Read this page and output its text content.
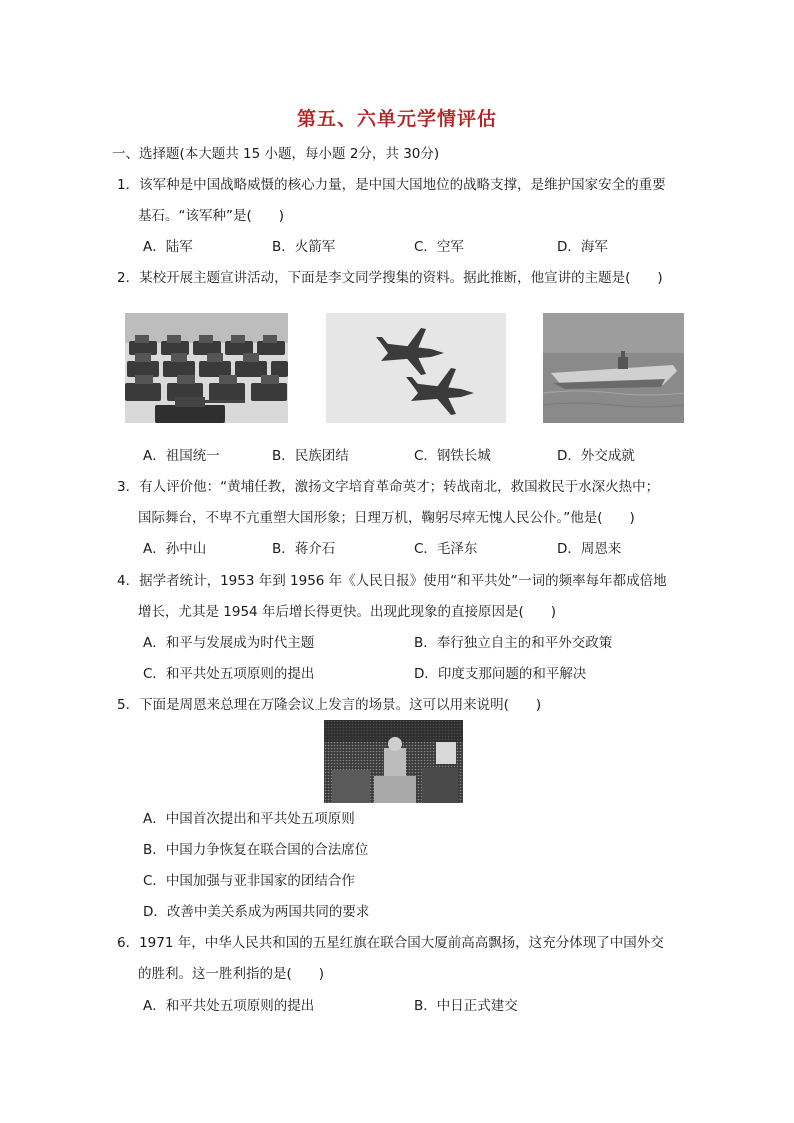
第五、六单元学情评估
一、选择题(本大题共 15 小题，每小题 2分，共 30分)
1．该军种是中国战略威慑的核心力量，是中国大国地位的战略支撑，是维护国家安全的重要
基石。“该军种”是(　　)
A．陆军	B．火箭军	C．空军	D．海军
2．某校开展主题宣讲活动，下面是李文同学搜集的资料。据此推断，他宣讲的主题是(　　)
A．祖国统一	B．民族团结	C．钢铁长城	D．外交成就
3．有人评价他：“黄埔任教，激扬文字培育革命英才；转战南北，救国救民于水深火热中；
国际舞台，不卑不亢重塑大国形象；日理万机，鞠躬尽瘁无愧人民公仆。”他是(　　)
A．孙中山	B．蒋介石	C．毛泽东	D．周恩来
4．据学者统计，1953 年到 1956 年《人民日报》使用“和平共处”一词的频率每年都成倍地
增长，尤其是 1954 年后增长得更快。出现此现象的直接原因是(　　)
A．和平与发展成为时代主题	B．奉行独立自主的和平外交政策
C．和平共处五项原则的提出	D．印度支那问题的和平解决
5．下面是周恩来总理在万隆会议上发言的场景。这可以用来说明(　　)
A．中国首次提出和平共处五项原则
B．中国力争恢复在联合国的合法席位
C．中国加强与亚非国家的团结合作
D．改善中美关系成为两国共同的要求
6．1971 年，中华人民共和国的五星红旗在联合国大厦前高高飘扬，这充分体现了中国外交
的胜利。这一胜利指的是(　　)
A．和平共处五项原则的提出	B．中日正式建交
